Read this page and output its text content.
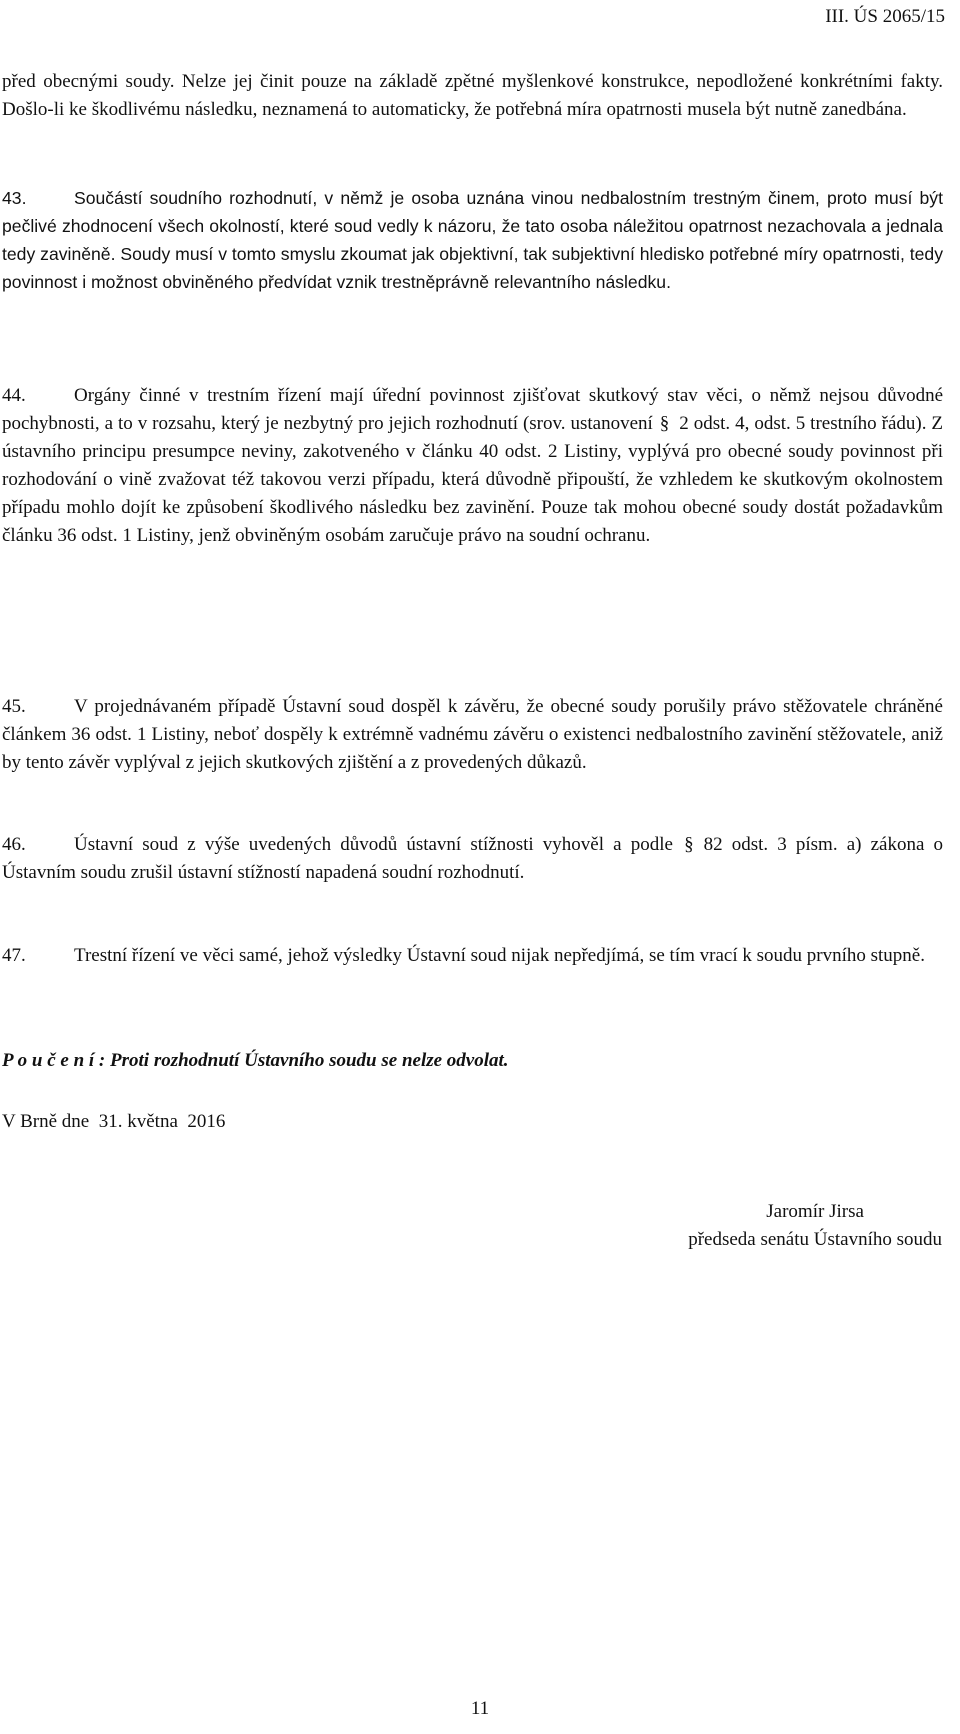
III. ÚS 2065/15
před obecnými soudy. Nelze jej činit pouze na základě zpětné myšlenkové konstrukce, nepodložené konkrétními fakty. Došlo-li ke škodlivému následku, neznamená to automaticky, že potřebná míra opatrnosti musela být nutně zanedbána.
43.	Součástí soudního rozhodnutí, v němž je osoba uznána vinou nedbalostním trestným činem, proto musí být pečlivé zhodnocení všech okolností, které soud vedly k názoru, že tato osoba náležitou opatrnost nezachovala a jednala tedy zaviněně. Soudy musí v tomto smyslu zkoumat jak objektivní, tak subjektivní hledisko potřebné míry opatrnosti, tedy povinnost i možnost obviněného předvídat vznik trestněprávně relevantního následku.
44.	Orgány činné v trestním řízení mají úřední povinnost zjišťovat skutkový stav věci, o němž nejsou důvodné pochybnosti, a to v rozsahu, který je nezbytný pro jejich rozhodnutí (srov. ustanovení § 2 odst. 4, odst. 5 trestního řádu). Z ústavního principu presumpce neviny, zakotveného v článku 40 odst. 2 Listiny, vyplývá pro obecné soudy povinnost při rozhodování o vině zvažovat též takovou verzi případu, která důvodně připouští, že vzhledem ke skutkovým okolnostem případu mohlo dojít ke způsobení škodlivého následku bez zavinění. Pouze tak mohou obecné soudy dostát požadavkům článku 36 odst. 1 Listiny, jenž obviněným osobám zaručuje právo na soudní ochranu.
45.	V projednávaném případě Ústavní soud dospěl k závěru, že obecné soudy porušily právo stěžovatele chráněné článkem 36 odst. 1 Listiny, neboť dospěly k extrémně vadnému závěru o existenci nedbalostního zavinění stěžovatele, aniž by tento závěr vyplýval z jejich skutkových zjištění a z provedených důkazů.
46.	Ústavní soud z výše uvedených důvodů ústavní stížnosti vyhověl a podle § 82 odst. 3 písm. a) zákona o Ústavním soudu zrušil ústavní stížností napadená soudní rozhodnutí.
47.	Trestní řízení ve věci samé, jehož výsledky Ústavní soud nijak nepředjímá, se tím vrací k soudu prvního stupně.
P o u č e n í : Proti rozhodnutí Ústavního soudu se nelze odvolat.
V Brně dne  31. května  2016
Jaromír Jirsa
předseda senátu Ústavního soudu
11
